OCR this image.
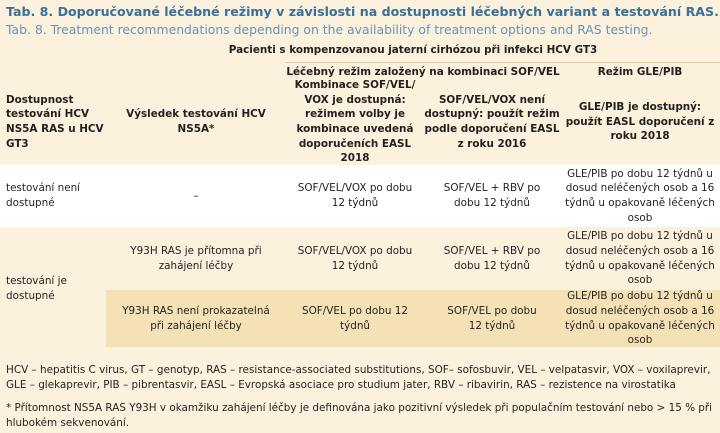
Tab. 8. Doporučované léčebné režimy v závislosti na dostupnosti léčebných variant a testování RAS.
Tab. 8. Treatment recommendations depending on the availability of treatment options and RAS testing.
Pacienti s kompenzovanou jaterní cirhózou při infekci HCV GT3
Léčebný režim založený na kombinaci SOF/VEL	Režim GLE/PIB
Dostupnost testování HCV NS5A RAS u HCV GT3
Výsledek testování HCV NS5A*
Kombinace SOF/VEL/ VOX je dostupná: režimem volby je kombinace uvedená doporučeních EASL 2018
SOF/VEL/VOX není dostupný: použít režim podle doporučení EASL z roku 2016
GLE/PIB je dostupný: použít EASL doporučení z roku 2018
testování není dostupné
–
SOF/VEL/VOX po dobu 12 týdnů
SOF/VEL + RBV po dobu 12 týdnů
GLE/PIB po dobu 12 týdnů u dosud neléčených osob a 16 týdnů u opakovaně léčených osob
testování je dostupné
Y93H RAS je přítomna při zahájení léčby
SOF/VEL/VOX po dobu 12 týdnů
SOF/VEL + RBV po dobu 12 týdnů
GLE/PIB po dobu 12 týdnů u dosud neléčených osob a 16 týdnů u opakovaně léčených osob
Y93H RAS není prokazatelná při zahájení léčby
SOF/VEL po dobu 12 týdnů
SOF/VEL po dobu 12 týdnů
GLE/PIB po dobu 12 týdnů u dosud neléčených osob a 16 týdnů u opakovaně léčených osob
HCV – hepatitis C virus, GT – genotyp, RAS – resistance-associated substitutions, SOF– sofosbuvir, VEL – velpatasvir, VOX – voxilaprevir, GLE – glekaprevir, PIB – pibrentasvir, EASL – Evropská asociace pro studium jater, RBV – ribavirin, RAS – rezistence na virostatika
* Přítomnost NS5A RAS Y93H v okamžiku zahájení léčby je definována jako pozitivní výsledek při populačním testování nebo > 15 % při hlubokém sekvenování.
